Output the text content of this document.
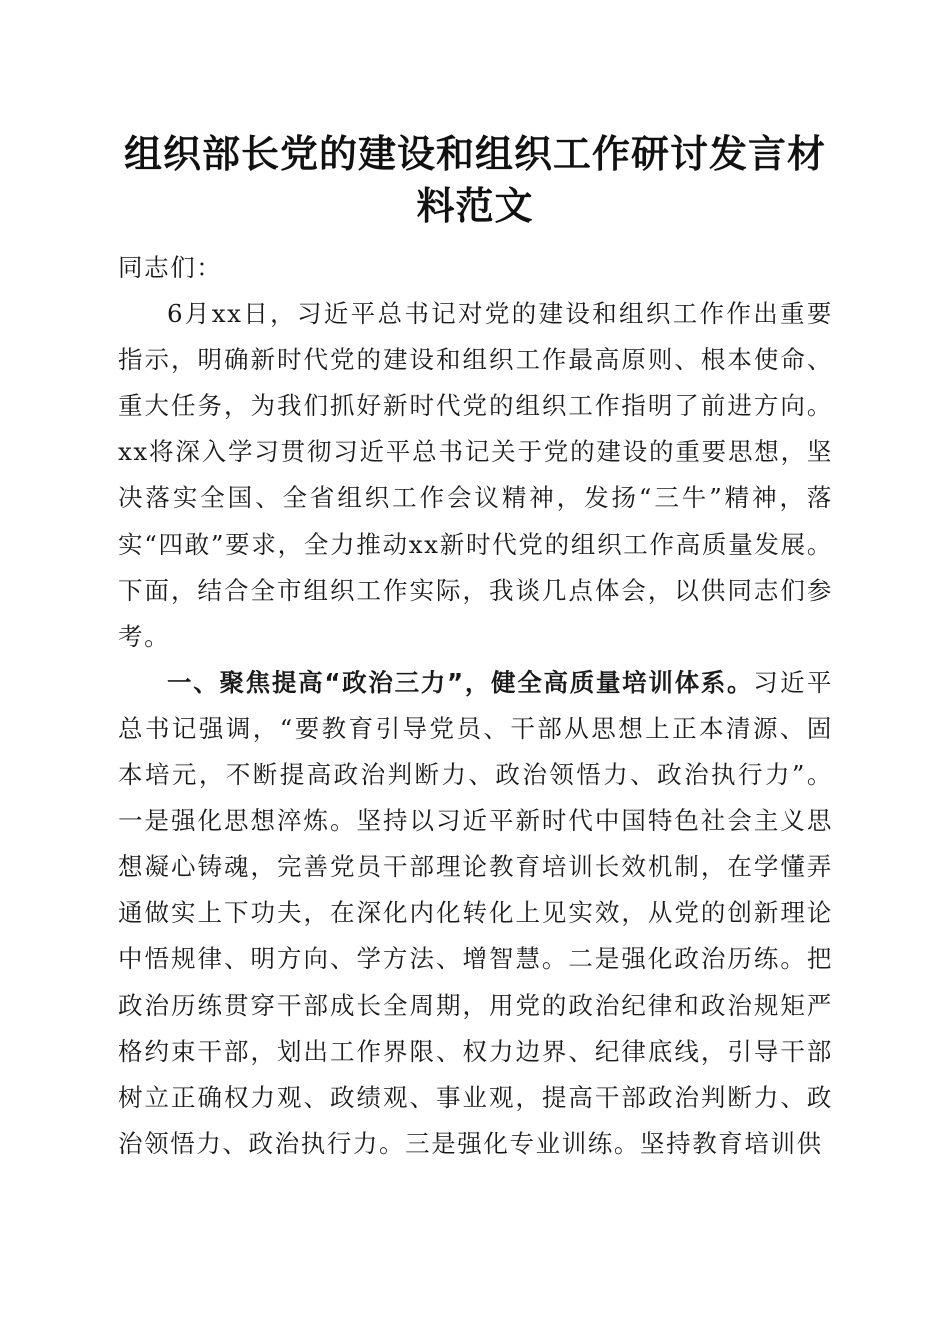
组织部长党的建设和组织工作研讨发言材料范文

同志们：

6月xx日，习近平总书记对党的建设和组织工作作出重要指示，明确新时代党的建设和组织工作最高原则、根本使命、重大任务，为我们抓好新时代党的组织工作指明了前进方向。xx将深入学习贯彻习近平总书记关于党的建设的重要思想，坚决落实全国、全省组织工作会议精神，发扬“三牛”精神，落实“四敢”要求，全力推动xx新时代党的组织工作高质量发展。下面，结合全市组织工作实际，我谈几点体会，以供同志们参考。

一、聚焦提高“政治三力”，健全高质量培训体系。习近平总书记强调，“要教育引导党员、干部从思想上正本清源、固本培元，不断提高政治判断力、政治领悟力、政治执行力”。一是强化思想淬炼。坚持以习近平新时代中国特色社会主义思想凝心铸魂，完善党员干部理论教育培训长效机制，在学懂弄通做实上下功夫，在深化内化转化上见实效，从党的创新理论中悟规律、明方向、学方法、增智慧。二是强化政治历练。把政治历练贯穿干部成长全周期，用党的政治纪律和政治规矩严格约束干部，划出工作界限、权力边界、纪律底线，引导干部树立正确权力观、政绩观、事业观，提高干部政治判断力、政治领悟力、政治执行力。三是强化专业训练。坚持教育培训供
